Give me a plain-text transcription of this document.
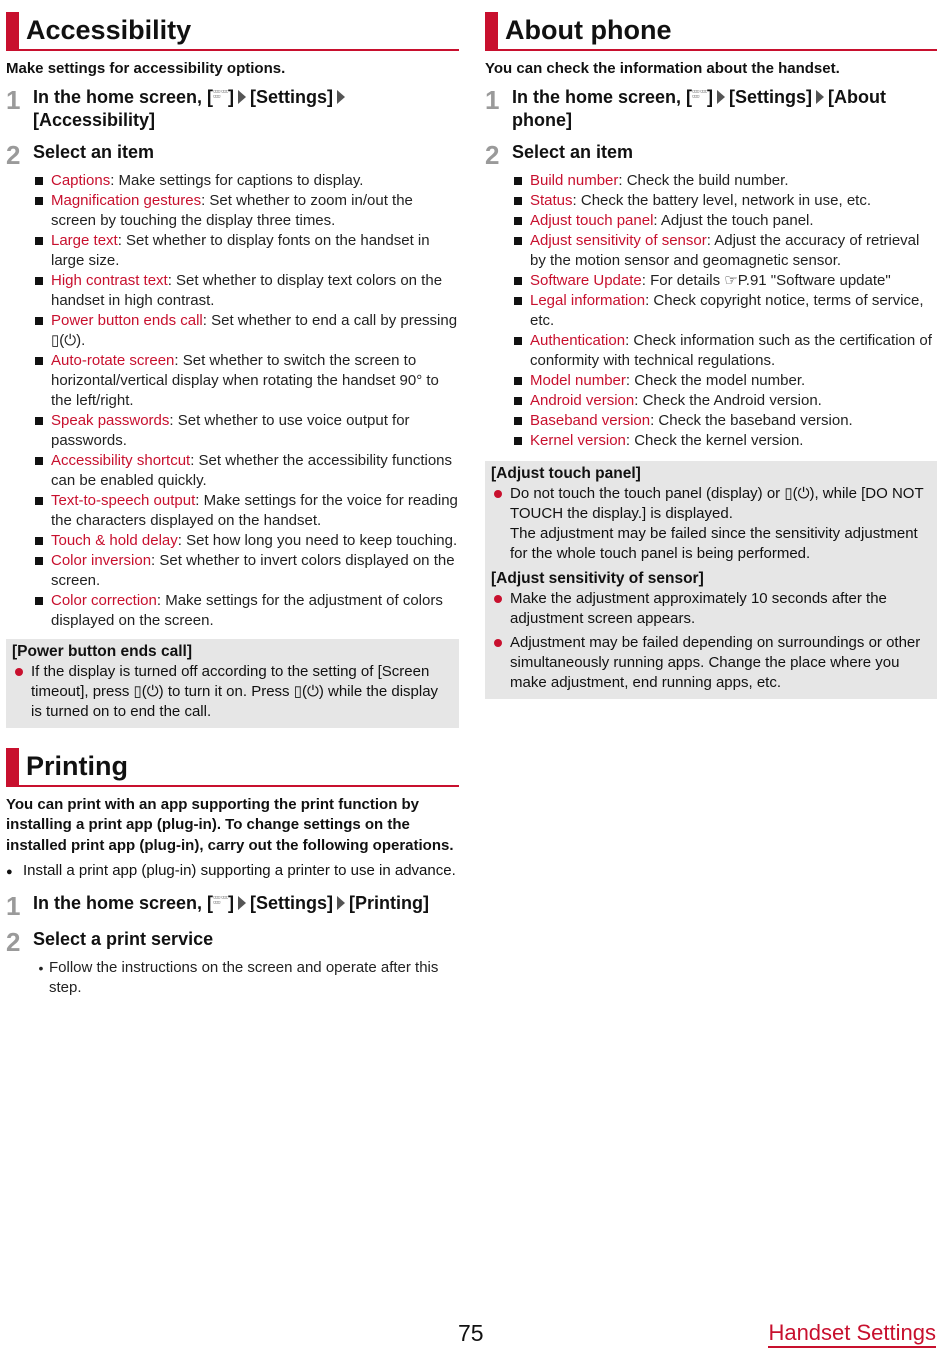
Accessibility

Make settings for accessibility options.

1 In the home screen, [▫▫▫ ▫▫▫ ▫▫▫ ] [Settings]
[Accessibility]
2 Select an item
Captions: Make settings for captions to display.
Magnification gestures: Set whether to zoom in/out the screen by touching the display three times.
Large text: Set whether to display fonts on the handset in large size.
High contrast text: Set whether to display text colors on the handset in high contrast.
Power button ends call: Set whether to end a call by pressing ▯(⏻).
Auto-rotate screen: Set whether to switch the screen to horizontal/vertical display when rotating the handset 90° to the left/right.
Speak passwords: Set whether to use voice output for passwords.
Accessibility shortcut: Set whether the accessibility functions can be enabled quickly.
Text-to-speech output: Make settings for the voice for reading the characters displayed on the handset.
Touch & hold delay: Set how long you need to keep touching.
Color inversion: Set whether to invert colors displayed on the screen.
Color correction: Make settings for the adjustment of colors displayed on the screen.
[Power button ends call]
If the display is turned off according to the setting of [Screen timeout], press ▯(⏻) to turn it on. Press ▯(⏻) while the display is turned on to end the call.
Printing

You can print with an app supporting the print function by installing a print app (plug-in). To change settings on the installed print app (plug-in), carry out the following operations.

● Install a print app (plug-in) supporting a printer to use in advance.
1 In the home screen, [▫▫▫ ▫▫▫ ▫▫▫ ] [Settings] [Printing]
2 Select a print service
• Follow the instructions on the screen and operate after this step.
About phone

You can check the information about the handset.

1 In the home screen, [▫▫▫ ▫▫▫ ▫▫▫ ] [Settings] [About phone]
2 Select an item
Build number: Check the build number.
Status: Check the battery level, network in use, etc.
Adjust touch panel: Adjust the touch panel.
Adjust sensitivity of sensor: Adjust the accuracy of retrieval by the motion sensor and geomagnetic sensor.
Software Update: For details ☞P.91 "Software update"
Legal information: Check copyright notice, terms of service, etc.
Authentication: Check information such as the certification of conformity with technical regulations.
Model number: Check the model number.
Android version: Check the Android version.
Baseband version: Check the baseband version.
Kernel version: Check the kernel version.
[Adjust touch panel]
Do not touch the touch panel (display) or ▯(⏻), while [DO NOT TOUCH the display.] is displayed.
The adjustment may be failed since the sensitivity adjustment for the whole touch panel is being performed.
[Adjust sensitivity of sensor]
Make the adjustment approximately 10 seconds after the adjustment screen appears.
Adjustment may be failed depending on surroundings or other simultaneously running apps. Change the place where you make adjustment, end running apps, etc.
75	Handset Settings
